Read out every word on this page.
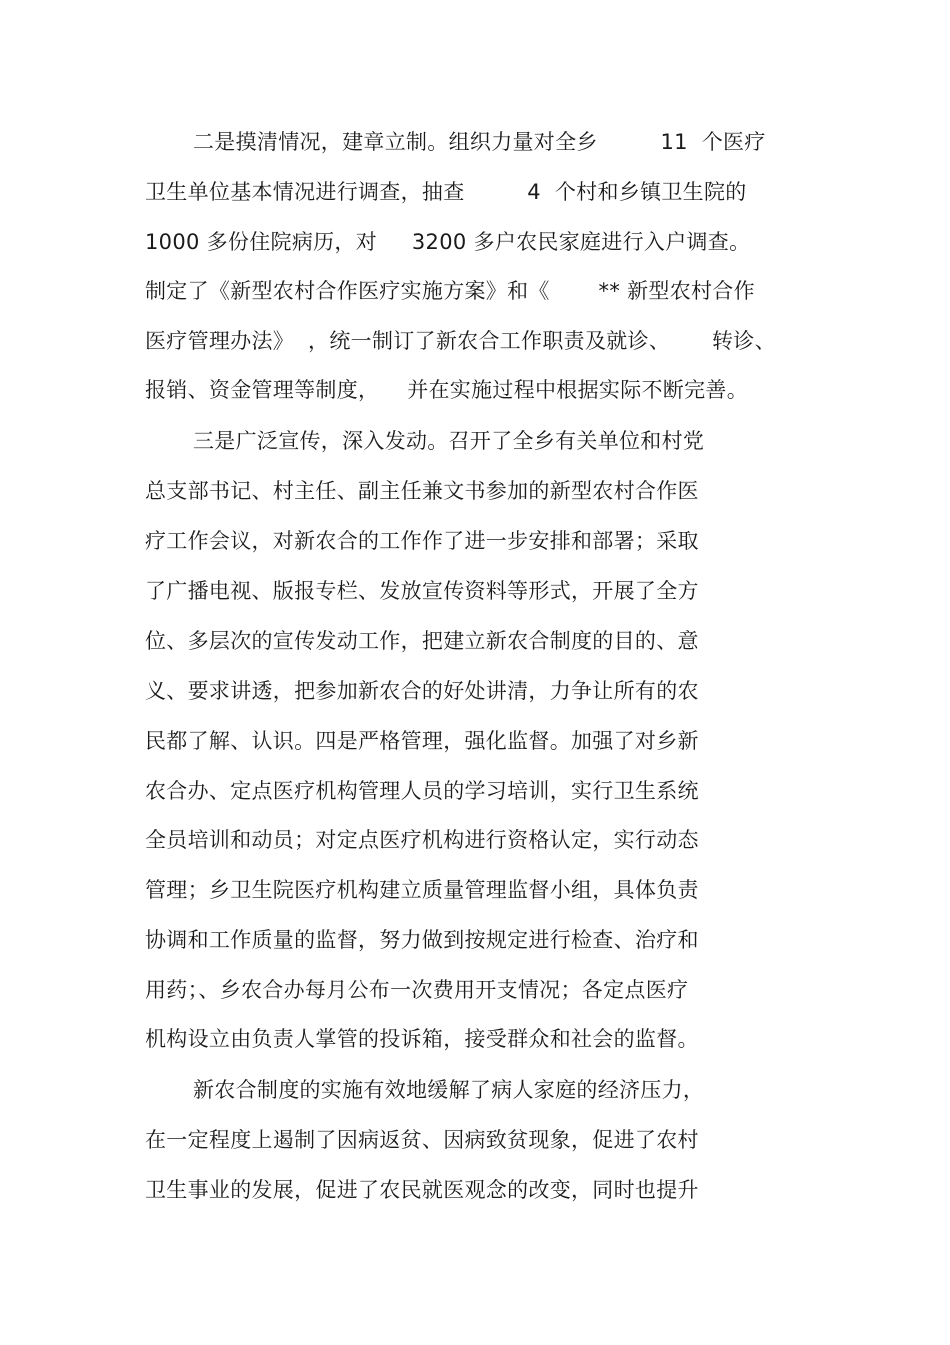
二是摸清情况，建章立制。组织力量对全乡         11  个医疗
卫生单位基本情况进行调查，抽查         4  个村和乡镇卫生院的
1000 多份住院病历，对     3200 多户农民家庭进行入户调查。
制定了《新型农村合作医疗实施方案》和《       ** 新型农村合作
医疗管理办法》  ，统一制订了新农合工作职责及就诊、      转诊、
报销、资金管理等制度，    并在实施过程中根据实际不断完善。
三是广泛宣传，深入发动。召开了全乡有关单位和村党
总支部书记、村主任、副主任兼文书参加的新型农村合作医
疗工作会议，对新农合的工作作了进一步安排和部署；采取
了广播电视、版报专栏、发放宣传资料等形式，开展了全方
位、多层次的宣传发动工作，把建立新农合制度的目的、意
义、要求讲透，把参加新农合的好处讲清，力争让所有的农
民都了解、认识。四是严格管理，强化监督。加强了对乡新
农合办、定点医疗机构管理人员的学习培训，实行卫生系统
全员培训和动员；对定点医疗机构进行资格认定，实行动态
管理；乡卫生院医疗机构建立质量管理监督小组，具体负责
协调和工作质量的监督，努力做到按规定进行检查、治疗和
用药；、乡农合办每月公布一次费用开支情况；各定点医疗
机构设立由负责人掌管的投诉箱，接受群众和社会的监督。
新农合制度的实施有效地缓解了病人家庭的经济压力，
在一定程度上遏制了因病返贫、因病致贫现象，促进了农村
卫生事业的发展，促进了农民就医观念的改变，同时也提升
